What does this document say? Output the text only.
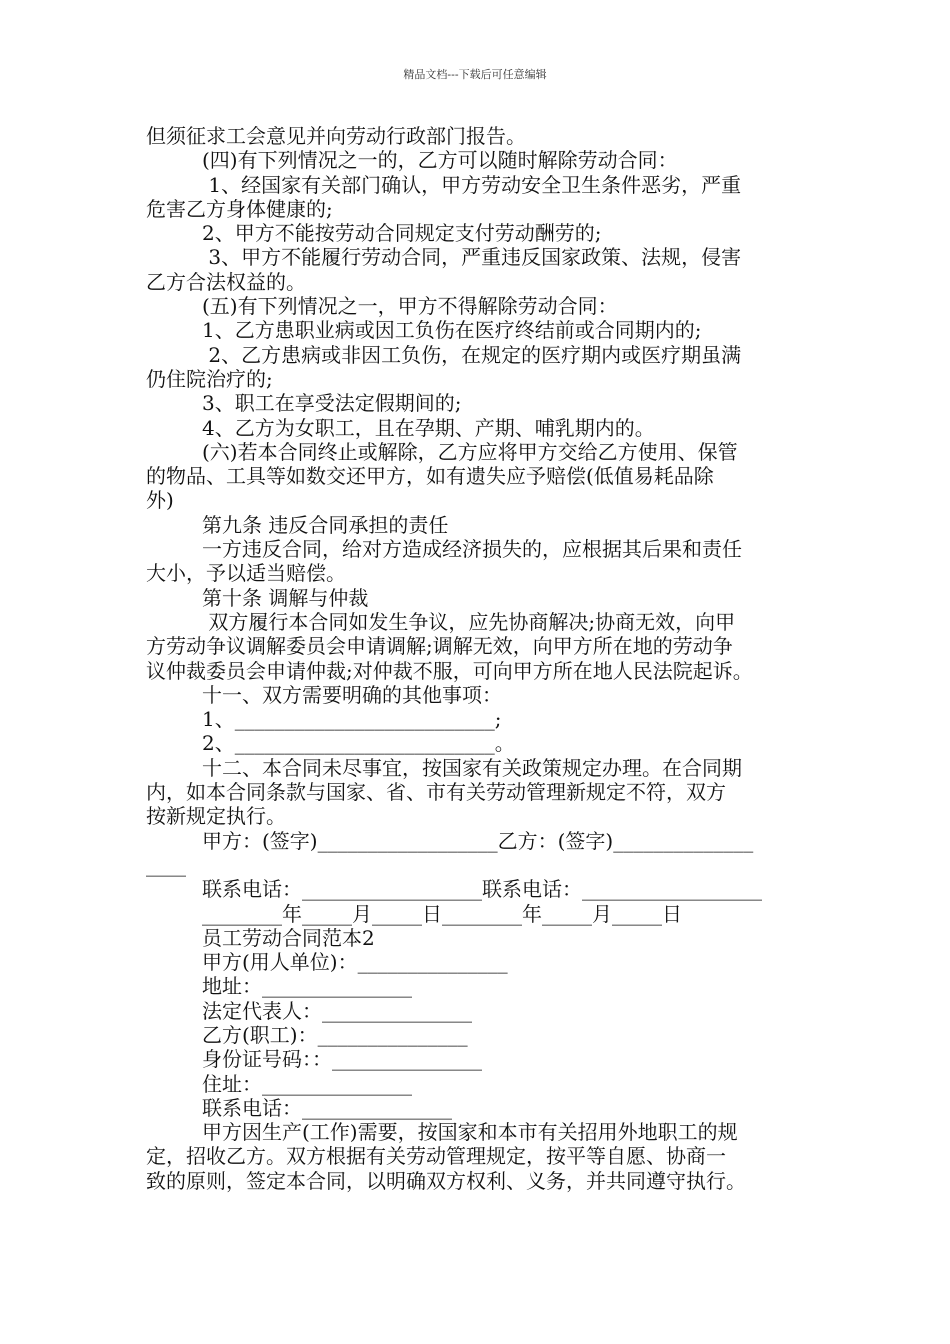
精品文档---下载后可任意编辑

但须征求工会意见并向劳动行政部门报告。

(四)有下列情况之一的，乙方可以随时解除劳动合同：

1、经国家有关部门确认，甲方劳动安全卫生条件恶劣，严重

危害乙方身体健康的;

2、甲方不能按劳动合同规定支付劳动酬劳的;

3、甲方不能履行劳动合同，严重违反国家政策、法规，侵害

乙方合法权益的。

(五)有下列情况之一，甲方不得解除劳动合同：

1、乙方患职业病或因工负伤在医疗终结前或合同期内的;

2、乙方患病或非因工负伤，在规定的医疗期内或医疗期虽满

仍住院治疗的;

3、职工在享受法定假期间的;

4、乙方为女职工，且在孕期、产期、哺乳期内的。

(六)若本合同终止或解除，乙方应将甲方交给乙方使用、保管

的物品、工具等如数交还甲方，如有遗失应予赔偿(低值易耗品除

外)

第九条 违反合同承担的责任

一方违反合同，给对方造成经济损失的，应根据其后果和责任

大小，予以适当赔偿。

第十条 调解与仲裁

双方履行本合同如发生争议，应先协商解决;协商无效，向甲

方劳动争议调解委员会申请调解;调解无效，向甲方所在地的劳动争

议仲裁委员会申请仲裁;对仲裁不服，可向甲方所在地人民法院起诉。

十一、双方需要明确的其他事项：

1、__________________________;

2、__________________________。

十二、本合同未尽事宜，按国家有关政策规定办理。在合同期

内，如本合同条款与国家、省、市有关劳动管理新规定不符，双方

按新规定执行。

甲方：(签字)__________________乙方：(签字)______________

____

联系电话：__________________联系电话：__________________

________年_____月_____日________年_____月_____日

员工劳动合同范本2

甲方(用人单位)：_______________

地址：_______________

法定代表人：_______________

乙方(职工)：_______________

身份证号码：：_______________

住址：_______________

联系电话：_______________

甲方因生产(工作)需要，按国家和本市有关招用外地职工的规

定，招收乙方。双方根据有关劳动管理规定，按平等自愿、协商一

致的原则，签定本合同，以明确双方权利、义务，并共同遵守执行。
